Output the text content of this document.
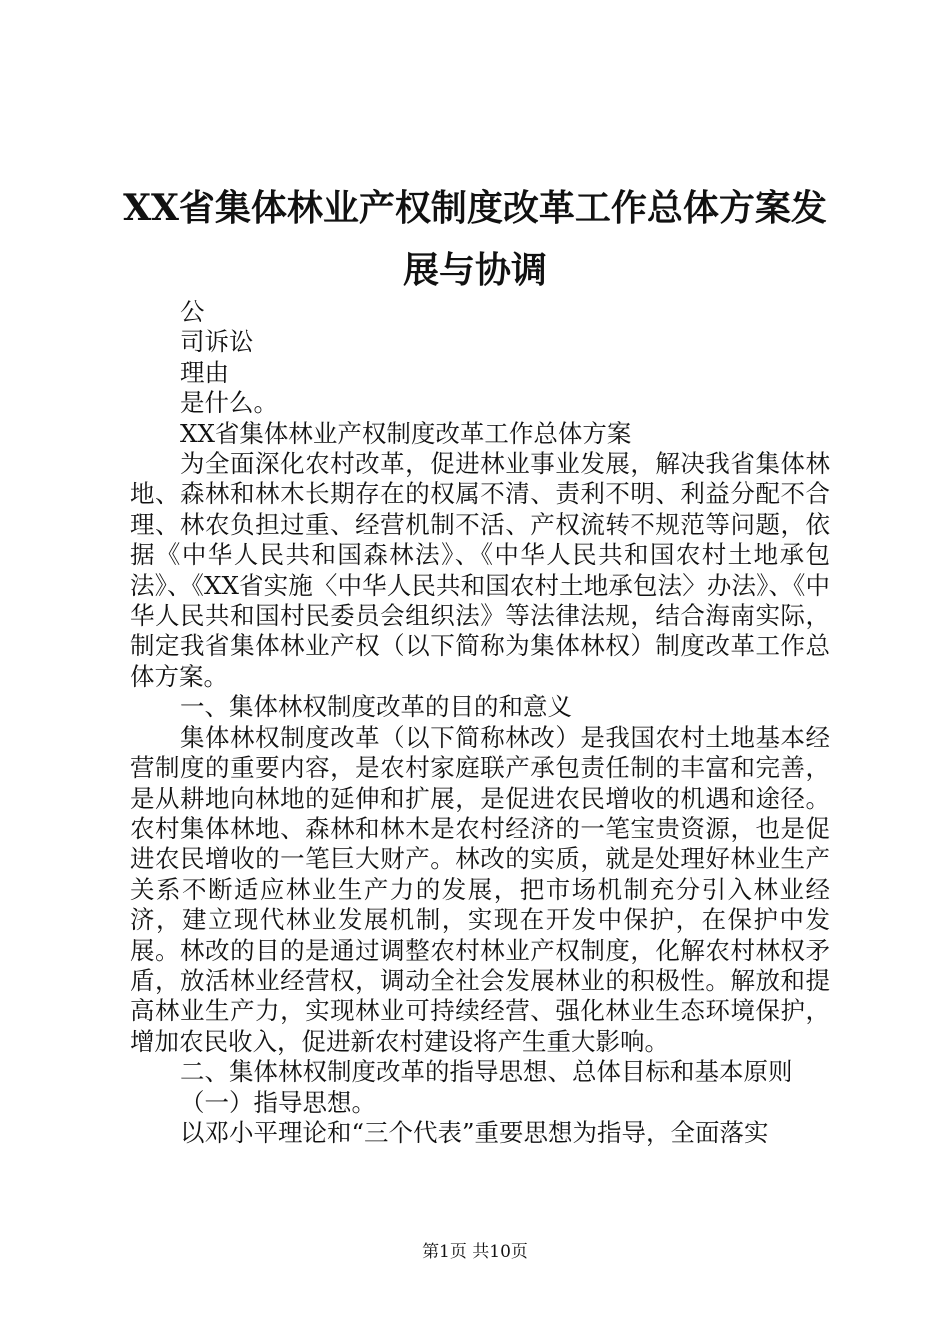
XX省集体林业产权制度改革工作总体方案发
展与协调

公

司诉讼

理由

是什么。

XX省集体林业产权制度改革工作总体方案

为全面深化农村改革，促进林业事业发展，解决我省集体林地、森林和林木长期存在的权属不清、责利不明、利益分配不合理、林农负担过重、经营机制不活、产权流转不规范等问题，依据《中华人民共和国森林法》、《中华人民共和国农村土地承包法》、《XX省实施〈中华人民共和国农村土地承包法〉办法》、《中华人民共和国村民委员会组织法》等法律法规，结合海南实际，制定我省集体林业产权（以下简称为集体林权）制度改革工作总体方案。

一、集体林权制度改革的目的和意义

集体林权制度改革（以下简称林改）是我国农村土地基本经营制度的重要内容，是农村家庭联产承包责任制的丰富和完善，是从耕地向林地的延伸和扩展，是促进农民增收的机遇和途径。农村集体林地、森林和林木是农村经济的一笔宝贵资源，也是促进农民增收的一笔巨大财产。林改的实质，就是处理好林业生产关系不断适应林业生产力的发展，把市场机制充分引入林业经济，建立现代林业发展机制，实现在开发中保护，在保护中发展。林改的目的是通过调整农村林业产权制度，化解农村林权矛盾，放活林业经营权，调动全社会发展林业的积极性。解放和提高林业生产力，实现林业可持续经营、强化林业生态环境保护，增加农民收入，促进新农村建设将产生重大影响。

二、集体林权制度改革的指导思想、总体目标和基本原则

（一）指导思想。

以邓小平理论和“三个代表”重要思想为指导，全面落实

第1页 共10页
